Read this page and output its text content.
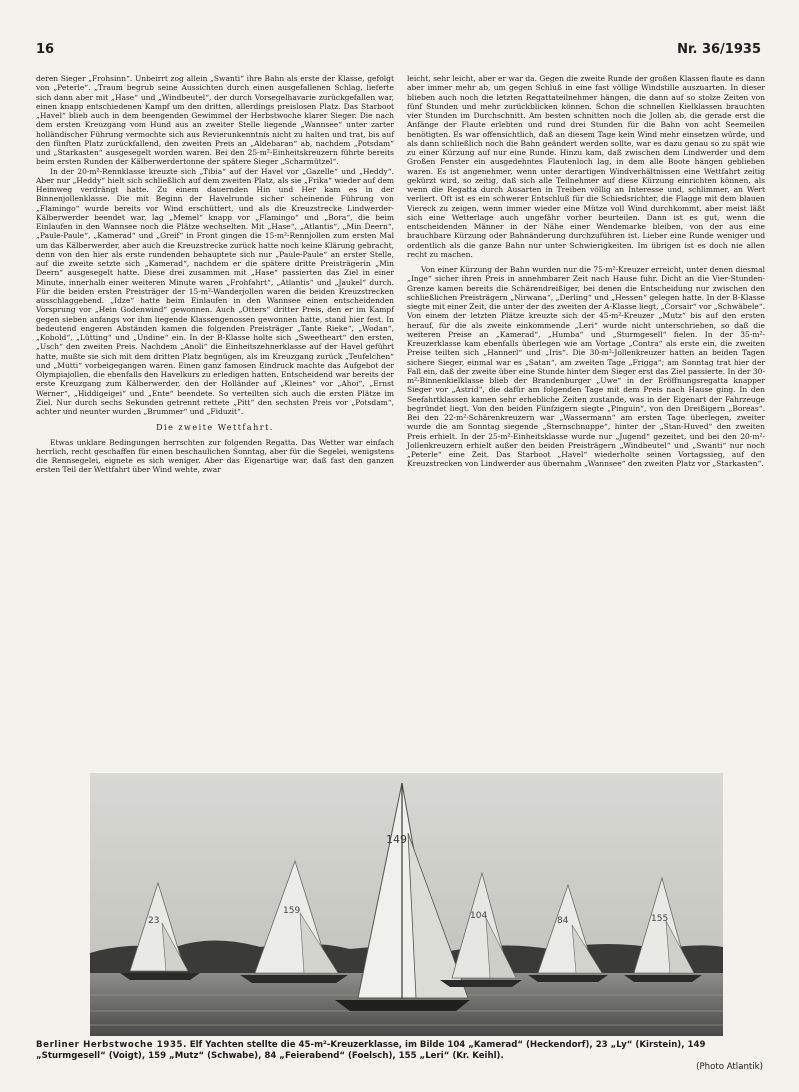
16	Nr. 36/1935

deren Sieger „Frohsinn“. Unbeirrt zog allein „Swanti“ ihre Bahn als erste der Klasse, gefolgt von „Peterle“. „Traum begrub seine Aussichten durch einen ausgefallenen Schlag, lieferte sich dann aber mit „Hase“ und „Windbeutel“, der durch Vorsegelhavarie zurückgefallen war, einen knapp entschiedenen Kampf um den dritten, allerdings preislosen Platz. Das Starboot „Havel“ blieb auch in dem beengenden Gewimmel der Herbstwoche klarer Sieger. Die nach dem ersten Kreuzgang vom Hund aus an zweiter Stelle liegende „Wannsee“ unter zarter holländischer Führung vermochte sich aus Revierunkenntnis nicht zu halten und trat, bis auf den fünften Platz zurückfallend, den zweiten Preis an „Aldebaran“ ab, nachdem „Potsdam“ und „Starkasten“ ausgesegelt worden waren. Bei den 25-m²-Einheitskreuzern führte bereits beim ersten Runden der Kälberwerdertonne der spätere Sieger „Scharmützel“.

In der 20-m²-Rennklasse kreuzte sich „Tibia“ auf der Havel vor „Gazelle“ und „Heddy“. Aber nur „Heddy“ hielt sich schließlich auf dem zweiten Platz, als sie „Frika“ wieder auf dem Heimweg verdrängt hatte. Zu einem dauernden Hin und Her kam es in der Binnenjollenklasse. Die mit Beginn der Havelrunde sicher scheinende Führung von „Flamingo“ wurde bereits vor Wind erschüttert, und als die Kreuzstrecke Lindwerder-Kälberwerder beendet war, lag „Memel“ knapp vor „Flamingo“ und „Bora“, die beim Einlaufen in den Wannsee noch die Plätze wechselten. Mit „Hase“, „Atlantis“, „Min Deern“, „Paule-Paule“, „Kamerad“ und „Greif“ in Front gingen die 15-m²-Rennjollen zum ersten Mal um das Kälberwerder, aber auch die Kreuzstrecke zurück hatte noch keine Klärung gebracht, denn von den hier als erste rundenden behauptete sich nur „Paule-Paule“ an erster Stelle, auf die zweite setzte sich „Kamerad“, nachdem er die spätere dritte Preisträgerin „Min Deern“ ausgesegelt hatte. Diese drei zusammen mit „Hase“ passierten das Ziel in einer Minute, innerhalb einer weiteren Minute waren „Frohfahrt“, „Atlantis“ und „Jaukel“ durch. Für die beiden ersten Preisträger der 15-m²-Wanderjollen waren die beiden Kreuzstrecken ausschlaggebend. „Idze“ hatte beim Einlaufen in den Wannsee einen entscheidenden Vorsprung vor „Hein Godenwind“ gewonnen. Auch „Otters“ dritter Preis, den er im Kampf gegen sieben anfangs vor ihm liegende Klassengenossen gewonnen hatte, stand hier fest. In bedeutend engeren Abständen kamen die folgenden Preisträger „Tante Rieke“, „Wodan“, „Kobold“, „Lütting“ und „Undine“ ein. In der B-Klasse holte sich „Sweetheart“ den ersten, „Usch“ den zweiten Preis. Nachdem „Anoli“ die Einheitszehnerklasse auf der Havel geführt hatte, mußte sie sich mit dem dritten Platz begnügen, als im Kreuzgang zurück „Teufelchen“ und „Mutti“ vorbeigegangen waren. Einen ganz famosen Eindruck machte das Aufgebot der Olympiajollen, die ebenfalls den Havelkurs zu erledigen hatten. Entscheidend war bereits der erste Kreuzgang zum Kälberwerder, den der Holländer auf „Kleines“ vor „Ahoi“, „Ernst Werner“, „Hiddigeigei“ und „Ente“ beendete. So verteilten sich auch die ersten Plätze im Ziel. Nur durch sechs Sekunden getrennt rettete „Pitt“ den sechsten Preis vor „Potsdam“, achter und neunter wurden „Brummer“ und „Fiduzit“.

Die zweite Wettfahrt.

Etwas unklare Bedingungen herrschten zur folgenden Regatta. Das Wetter war einfach herrlich, recht geschaffen für einen beschaulichen Sonntag, aber für die Segelei, wenigstens die Rennsegelei, eignete es sich weniger. Aber das Eigenartige war, daß fast den ganzen ersten Teil der Wettfahrt über Wind wehte, zwar

leicht, sehr leicht, aber er war da. Gegen die zweite Runde der großen Klassen flaute es dann aber immer mehr ab, um gegen Schluß in eine fast völlige Windstille auszuarten. In dieser blieben auch noch die letzten Regattateilnehmer hängen, die dann auf so stolze Zeiten von fünf Stunden und mehr zurückblicken können. Schon die schnellen Kielklassen brauchten vier Stunden im Durchschnitt. Am besten schnitten noch die Jollen ab, die gerade erst die Anfänge der Flaute erlebten und rund drei Stunden für die Bahn von acht Seemeilen benötigten. Es war offensichtlich, daß an diesem Tage kein Wind mehr einsetzen würde, und als dann schließlich noch die Bahn geändert werden sollte, war es dazu genau so zu spät wie zu einer Kürzung auf nur eine Runde. Hinzu kam, daß zwischen dem Lindwerder und dem Großen Fenster ein ausgedehntes Flautenloch lag, in dem alle Boote hängen geblieben waren. Es ist angenehmer, wenn unter derartigen Windverhältnissen eine Wettfahrt zeitig gekürzt wird, so zeitig, daß sich alle Teilnehmer auf diese Kürzung einrichten können, als wenn die Regatta durch Ausarten in Treiben völlig an Interesse und, schlimmer, an Wert verliert. Oft ist es ein schwerer Entschluß für die Schiedsrichter, die Flagge mit dem blauen Viereck zu zeigen, wenn immer wieder eine Mütze voll Wind durchkommt, aber meist läßt sich eine Wetterlage auch ungefähr vorher beurteilen. Dann ist es gut, wenn die entscheidenden Männer in der Nähe einer Wendemarke bleiben, von der aus eine brauchbare Kürzung oder Bahnänderung durchzuführen ist. Lieber eine Runde weniger und ordentlich als die ganze Bahn nur unter Schwierigkeiten. Im übrigen ist es doch nie allen recht zu machen.

Von einer Kürzung der Bahn wurden nur die 75-m²-Kreuzer erreicht, unter denen diesmal „Inge“ sicher ihren Preis in annehmbarer Zeit nach Hause fuhr. Dicht an die Vier-Stunden-Grenze kamen bereits die Schärendreißiger, bei denen die Entscheidung nur zwischen den schließlichen Preisträgern „Nirwana“, „Derling“ und „Hessen“ gelegen hatte. In der B-Klasse siegte mit einer Zeit, die unter der des zweiten der A-Klasse liegt, „Corsair“ vor „Schwäbele“. Von einem der letzten Plätze kreuzte sich der 45-m²-Kreuzer „Mutz“ bis auf den ersten herauf, für die als zweite einkommende „Leri“ wurde nicht unterschrieben, so daß die weiteren Preise an „Kamerad“, „Humba“ und „Sturmgesell“ fielen. In der 35-m²-Kreuzerklasse kam ebenfalls überlegen wie am Vortage „Contra“ als erste ein, die zweiten Preise teilten sich „Hannerl“ und „Iris“. Die 30-m²-Jollenkreuzer hatten an beiden Tagen sichere Sieger, einmal war es „Satan“, am zweiten Tage „Frigga“; am Sonntag trat hier der Fall ein, daß der zweite über eine Stunde hinter dem Sieger erst das Ziel passierte. In der 30-m²-Binnenkielklasse blieb der Brandenburger „Uwe“ in der Eröffnungsregatta knapper Sieger vor „Astrid“, die dafür am folgenden Tage mit dem Preis nach Hause ging. In den Seefahrtklassen kamen sehr erhebliche Zeiten zustande, was in der Eigenart der Fahrzeuge begründet liegt. Von den beiden Fünfzigern siegte „Pinguin“, von den Dreißigern „Boreas“. Bei den 22-m²-Schärenkreuzern war „Wassermann“ am ersten Tage überlegen, zweiter wurde die am Sonntag siegende „Sternschnuppe“, hinter der „Stan-Huved“ den zweiten Preis erhielt. In der 25-m²-Einheitsklasse wurde nur „Jugend“ gezeitet, und bei den 20-m²-Jollenkreuzern erhielt außer den beiden Preisträgern „Windbeutel“ und „Swanti“ nur noch „Peterle“ eine Zeit. Das Starboot „Havel“ wiederholte seinen Vortagssieg, auf den Kreuzstrecken von Lindwerder aus übernahm „Wannsee“ den zweiten Platz vor „Starkasten“.

23
159
149
104	84	155
Berliner Herbstwoche 1935. Elf Yachten stellte die 45-m²-Kreuzerklasse, im Bilde 104 „Kamerad“ (Heckendorf), 23 „Ly“ (Kirstein), 149 „Sturmgesell“ (Voigt), 159 „Mutz“ (Schwabe), 84 „Feierabend“ (Foelsch), 155 „Leri“ (Kr. Keihl).
(Photo Atlantik)
